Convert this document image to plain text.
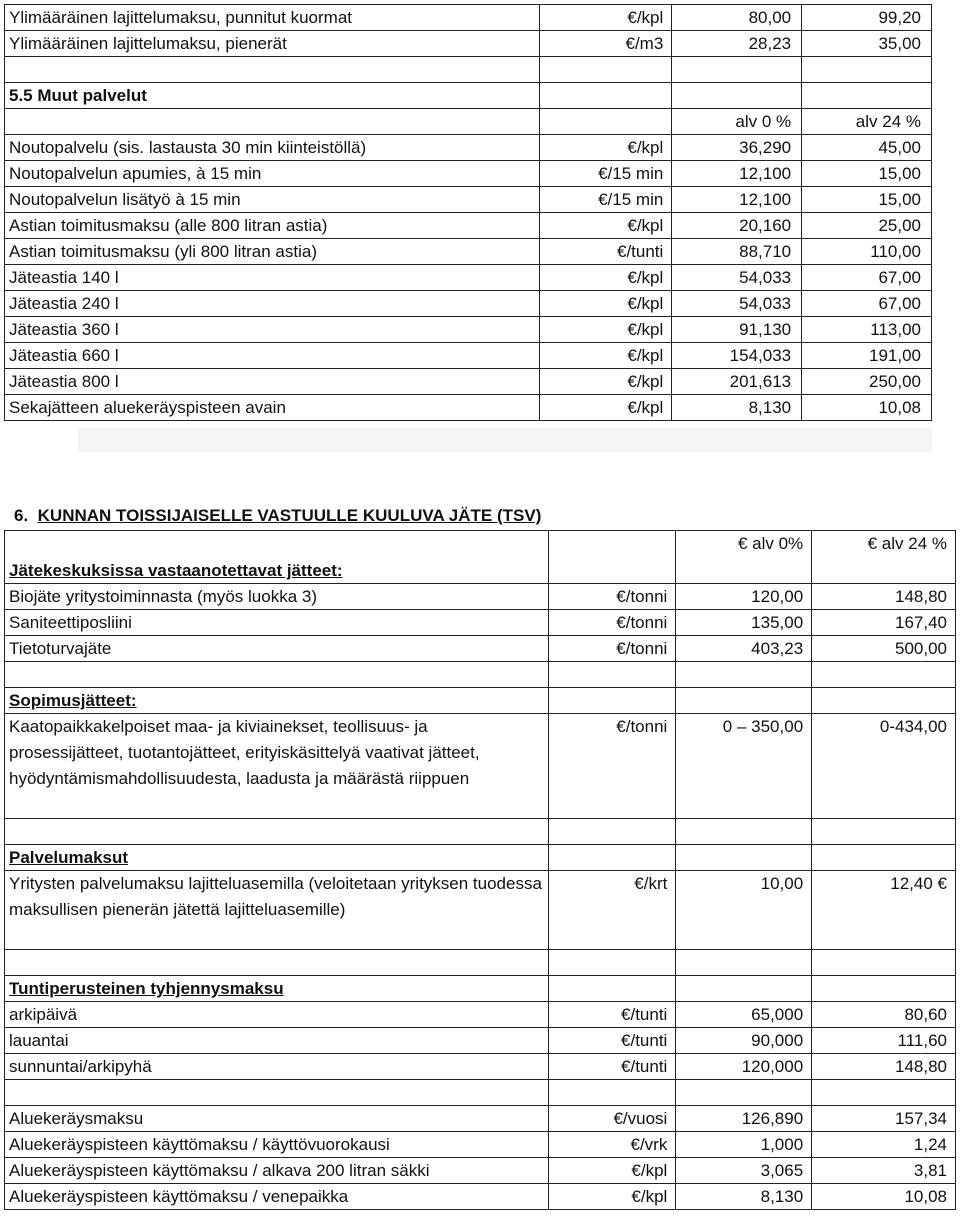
Ylimääräinen lajittelumaksu, punnitut kuormat	€/kpl	80,00	99,20
Ylimääräinen lajittelumaksu, pienerät	€/m3	28,23	35,00

5.5 Muut palvelut			
		alv 0 %	alv 24 %
Noutopalvelu (sis. lastausta 30 min kiinteistöllä)	€/kpl	36,290	45,00
Noutopalvelun apumies, à 15 min	€/15 min	12,100	15,00
Noutopalvelun lisätyö à 15 min	€/15 min	12,100	15,00
Astian toimitusmaksu (alle 800 litran astia)	€/kpl	20,160	25,00
Astian toimitusmaksu (yli 800 litran astia)	€/tunti	88,710	110,00
Jäteastia 140 l	€/kpl	54,033	67,00
Jäteastia 240 l	€/kpl	54,033	67,00
Jäteastia 360 l	€/kpl	91,130	113,00
Jäteastia 660 l	€/kpl	154,033	191,00
Jäteastia 800 l	€/kpl	201,613	250,00
Sekajätteen aluekeräyspisteen avain	€/kpl	8,130	10,08
6. KUNNAN TOISSIJAISELLE VASTUULLE KUULUVA JÄTE (TSV)
Jätekeskuksissa vastaanotettavat jätteet:		€ alv 0%	€ alv 24 %
Biojäte yritystoiminnasta (myös luokka 3)	€/tonni	120,00	148,80
Saniteettiposliini	€/tonni	135,00	167,40
Tietoturvajäte	€/tonni	403,23	500,00

Sopimusjätteet:			
Kaatopaikkakelpoiset maa- ja kiviainekset, teollisuus- ja prosessijätteet, tuotantojätteet, erityiskäsittelyä vaativat jätteet, hyödyntämismahdollisuudesta, laadusta ja määrästä riippuen	€/tonni	0 – 350,00	0-434,00

Palvelumaksut			
Yritysten palvelumaksu lajitteluasemilla (veloitetaan yrityksen tuodessa maksullisen pienerän jätettä lajitteluasemille)	€/krt	10,00	12,40 €

Tuntiperusteinen tyhjennysmaksu			
arkipäivä	€/tunti	65,000	80,60
lauantai	€/tunti	90,000	111,60
sunnuntai/arkipyhä	€/tunti	120,000	148,80

Aluekeräysmaksu	€/vuosi	126,890	157,34
Aluekeräyspisteen käyttömaksu / käyttövuorokausi	€/vrk	1,000	1,24
Aluekeräyspisteen käyttömaksu / alkava 200 litran säkki	€/kpl	3,065	3,81
Aluekeräyspisteen käyttömaksu / venepaikka	€/kpl	8,130	10,08
